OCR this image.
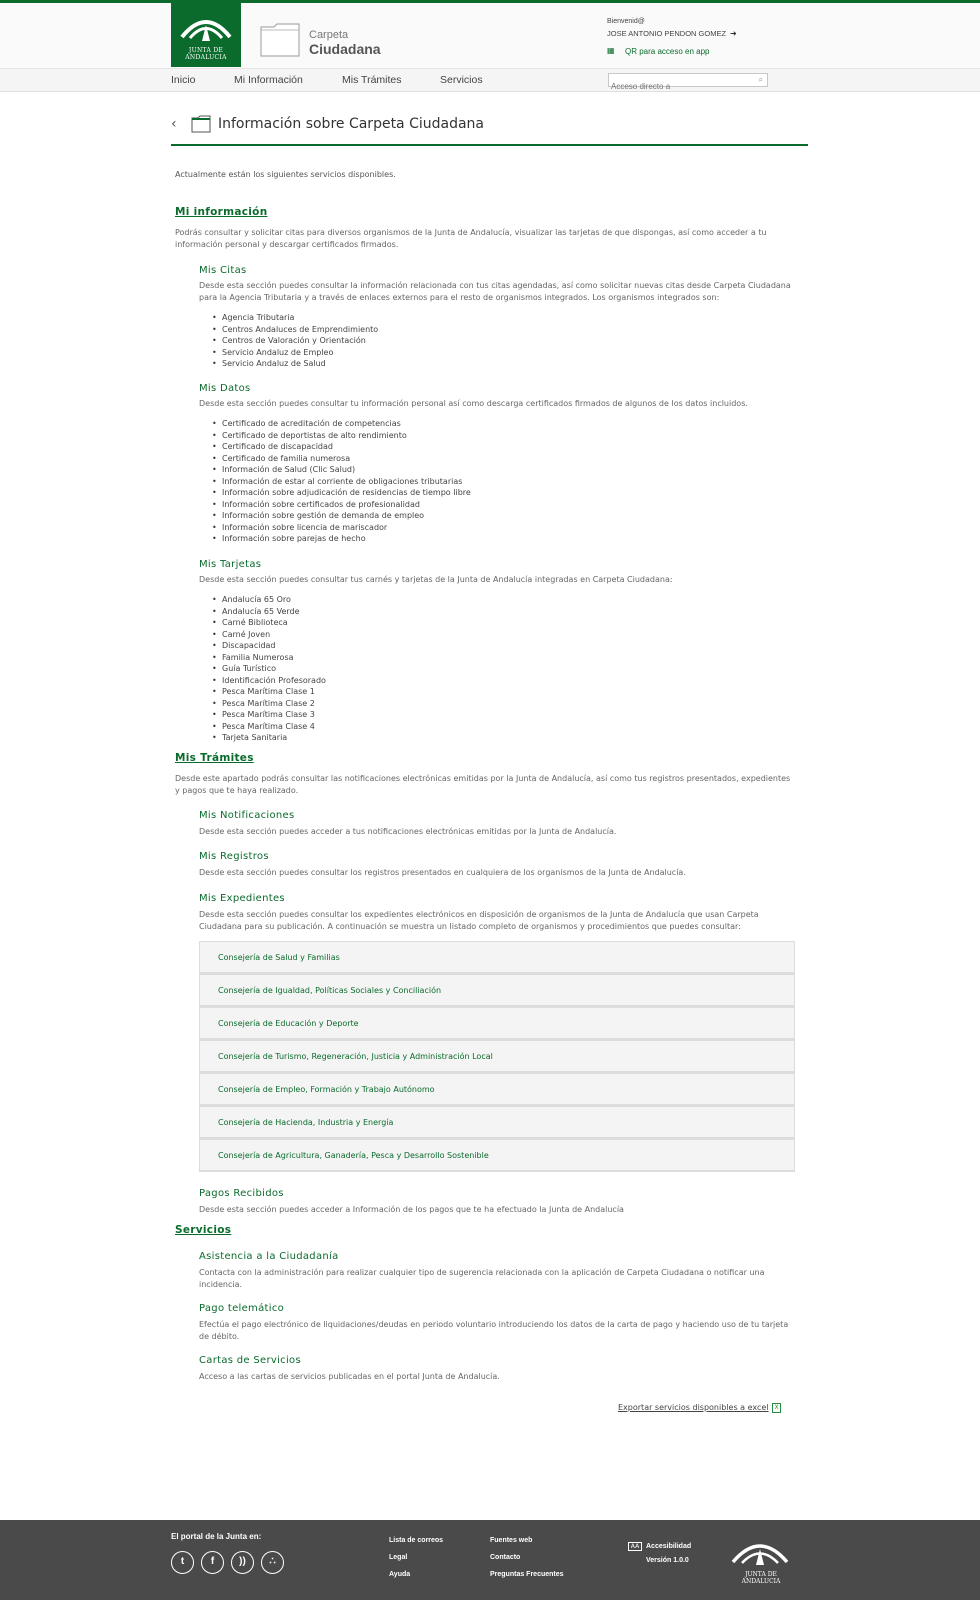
JUNTA DE ANDALUCIA
Carpeta
Ciudadana
Bienvenid@
JOSE ANTONIO PENDON GOMEZ ➜
▦ QR para acceso en app
Inicio	Mi Información	Mis Trámites	Servicios
Acceso directo a	⌕
‹	Información sobre Carpeta Ciudadana
Actualmente están los siguientes servicios disponibles.
Mi información
Podrás consultar y solicitar citas para diversos organismos de la Junta de Andalucía, visualizar las tarjetas de que dispongas, así como acceder a tu
información personal y descargar certificados firmados.
Mis Citas
Desde esta sección puedes consultar la información relacionada con tus citas agendadas, así como solicitar nuevas citas desde Carpeta Ciudadana
para la Agencia Tributaria y a través de enlaces externos para el resto de organismos integrados. Los organismos integrados son:
• Agencia Tributaria
• Centros Andaluces de Emprendimiento
• Centros de Valoración y Orientación
• Servicio Andaluz de Empleo
• Servicio Andaluz de Salud
Mis Datos
Desde esta sección puedes consultar tu información personal así como descarga certificados firmados de algunos de los datos incluidos.
• Certificado de acreditación de competencias
• Certificado de deportistas de alto rendimiento
• Certificado de discapacidad
• Certificado de familia numerosa
• Información de Salud (Clic Salud)
• Información de estar al corriente de obligaciones tributarias
• Información sobre adjudicación de residencias de tiempo libre
• Información sobre certificados de profesionalidad
• Información sobre gestión de demanda de empleo
• Información sobre licencia de mariscador
• Información sobre parejas de hecho
Mis Tarjetas
Desde esta sección puedes consultar tus carnés y tarjetas de la Junta de Andalucía integradas en Carpeta Ciudadana:
• Andalucía 65 Oro
• Andalucía 65 Verde
• Carné Biblioteca
• Carné Joven
• Discapacidad
• Familia Numerosa
• Guía Turístico
• Identificación Profesorado
• Pesca Marítima Clase 1
• Pesca Marítima Clase 2
• Pesca Marítima Clase 3
• Pesca Marítima Clase 4
• Tarjeta Sanitaria
Mis Trámites
Desde este apartado podrás consultar las notificaciones electrónicas emitidas por la Junta de Andalucía, así como tus registros presentados, expedientes
y pagos que te haya realizado.
Mis Notificaciones
Desde esta sección puedes acceder a tus notificaciones electrónicas emitidas por la Junta de Andalucía.
Mis Registros
Desde esta sección puedes consultar los registros presentados en cualquiera de los organismos de la Junta de Andalucía.
Mis Expedientes
Desde esta sección puedes consultar los expedientes electrónicos en disposición de organismos de la Junta de Andalucía que usan Carpeta
Ciudadana para su publicación. A continuación se muestra un listado completo de organismos y procedimientos que puedes consultar:
Consejería de Salud y Familias
Consejería de Igualdad, Políticas Sociales y Conciliación
Consejería de Educación y Deporte
Consejería de Turismo, Regeneración, Justicia y Administración Local
Consejería de Empleo, Formación y Trabajo Autónomo
Consejería de Hacienda, Industria y Energía
Consejería de Agricultura, Ganadería, Pesca y Desarrollo Sostenible
Pagos Recibidos
Desde esta sección puedes acceder a Información de los pagos que te ha efectuado la Junta de Andalucía
Servicios
Asistencia a la Ciudadanía
Contacta con la administración para realizar cualquier tipo de sugerencia relacionada con la aplicación de Carpeta Ciudadana o notificar una
incidencia.
Pago telemático
Efectúa el pago electrónico de liquidaciones/deudas en periodo voluntario introduciendo los datos de la carta de pago y haciendo uso de tu tarjeta
de débito.
Cartas de Servicios
Acceso a las cartas de servicios publicadas en el portal Junta de Andalucía.
Exportar servicios disponibles a excel X
El portal de la Junta en:
t	f	))	∴
Lista de correos
Legal
Ayuda
Fuentes web
Contacto
Preguntas Frecuentes
AA Accesibilidad
Versión 1.0.0
JUNTA DE ANDALUCIA
